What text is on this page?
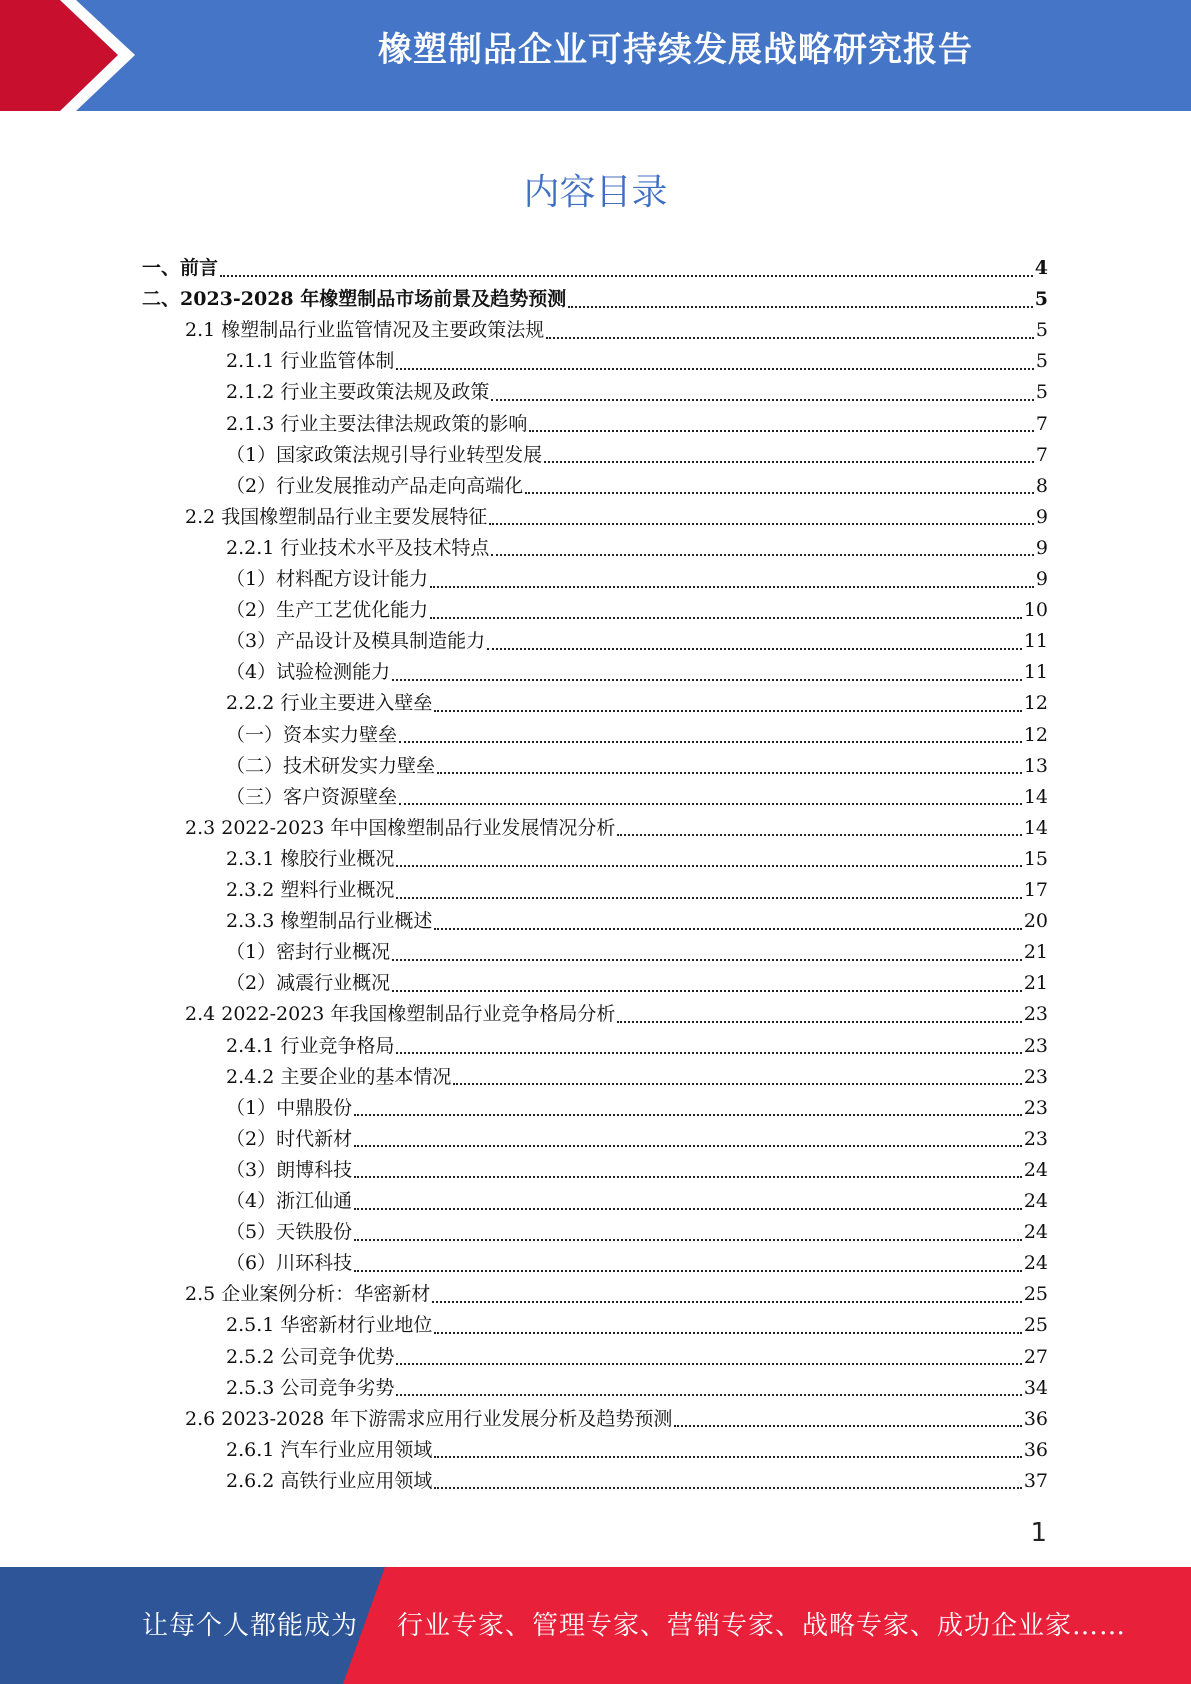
橡塑制品企业可持续发展战略研究报告
内容目录
一、前言	4
二、2023-2028 年橡塑制品市场前景及趋势预测	5
2.1 橡塑制品行业监管情况及主要政策法规	5
2.1.1 行业监管体制	5
2.1.2 行业主要政策法规及政策	5
2.1.3 行业主要法律法规政策的影响	7
（1）国家政策法规引导行业转型发展	7
（2）行业发展推动产品走向高端化	8
2.2 我国橡塑制品行业主要发展特征	9
2.2.1 行业技术水平及技术特点	9
（1）材料配方设计能力	9
（2）生产工艺优化能力	10
（3）产品设计及模具制造能力	11
（4）试验检测能力	11
2.2.2 行业主要进入壁垒	12
（一）资本实力壁垒	12
（二）技术研发实力壁垒	13
（三）客户资源壁垒	14
2.3 2022-2023 年中国橡塑制品行业发展情况分析	14
2.3.1 橡胶行业概况	15
2.3.2 塑料行业概况	17
2.3.3 橡塑制品行业概述	20
（1）密封行业概况	21
（2）减震行业概况	21
2.4 2022-2023 年我国橡塑制品行业竞争格局分析	23
2.4.1 行业竞争格局	23
2.4.2 主要企业的基本情况	23
（1）中鼎股份	23
（2）时代新材	23
（3）朗博科技	24
（4）浙江仙通	24
（5）天铁股份	24
（6）川环科技	24
2.5 企业案例分析：华密新材	25
2.5.1 华密新材行业地位	25
2.5.2 公司竞争优势	27
2.5.3 公司竞争劣势	34
2.6 2023-2028 年下游需求应用行业发展分析及趋势预测	36
2.6.1 汽车行业应用领域	36
2.6.2 高铁行业应用领域	37
1
让每个人都能成为 行业专家、管理专家、营销专家、战略专家、成功企业家……
